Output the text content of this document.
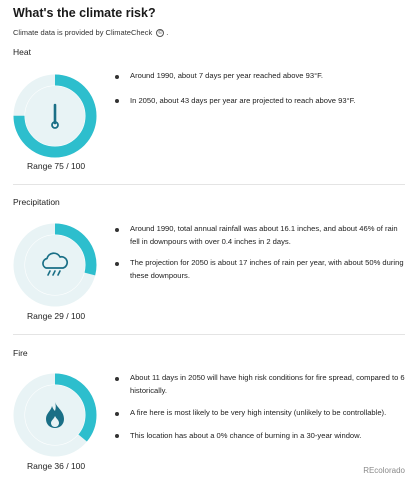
What's the climate risk?
Climate data is provided by ClimateCheck	© .
Heat
Range 75 / 100
Around 1990, about 7 days per year reached above 93°F.
In 2050, about 43 days per year are projected to reach above 93°F.
Precipitation
Range 29 / 100
Around 1990, total annual rainfall was about 16.1 inches, and about 46% of rain fell in downpours with over 0.4 inches in 2 days.
The projection for 2050 is about 17 inches of rain per year, with about 50% during these downpours.
Fire
Range 36 / 100
About 11 days in 2050 will have high risk conditions for fire spread, compared to 6 historically.
A fire here is most likely to be very high intensity (unlikely to be controllable).
This location has about a 0% chance of burning in a 30-year window.
REcolorado
